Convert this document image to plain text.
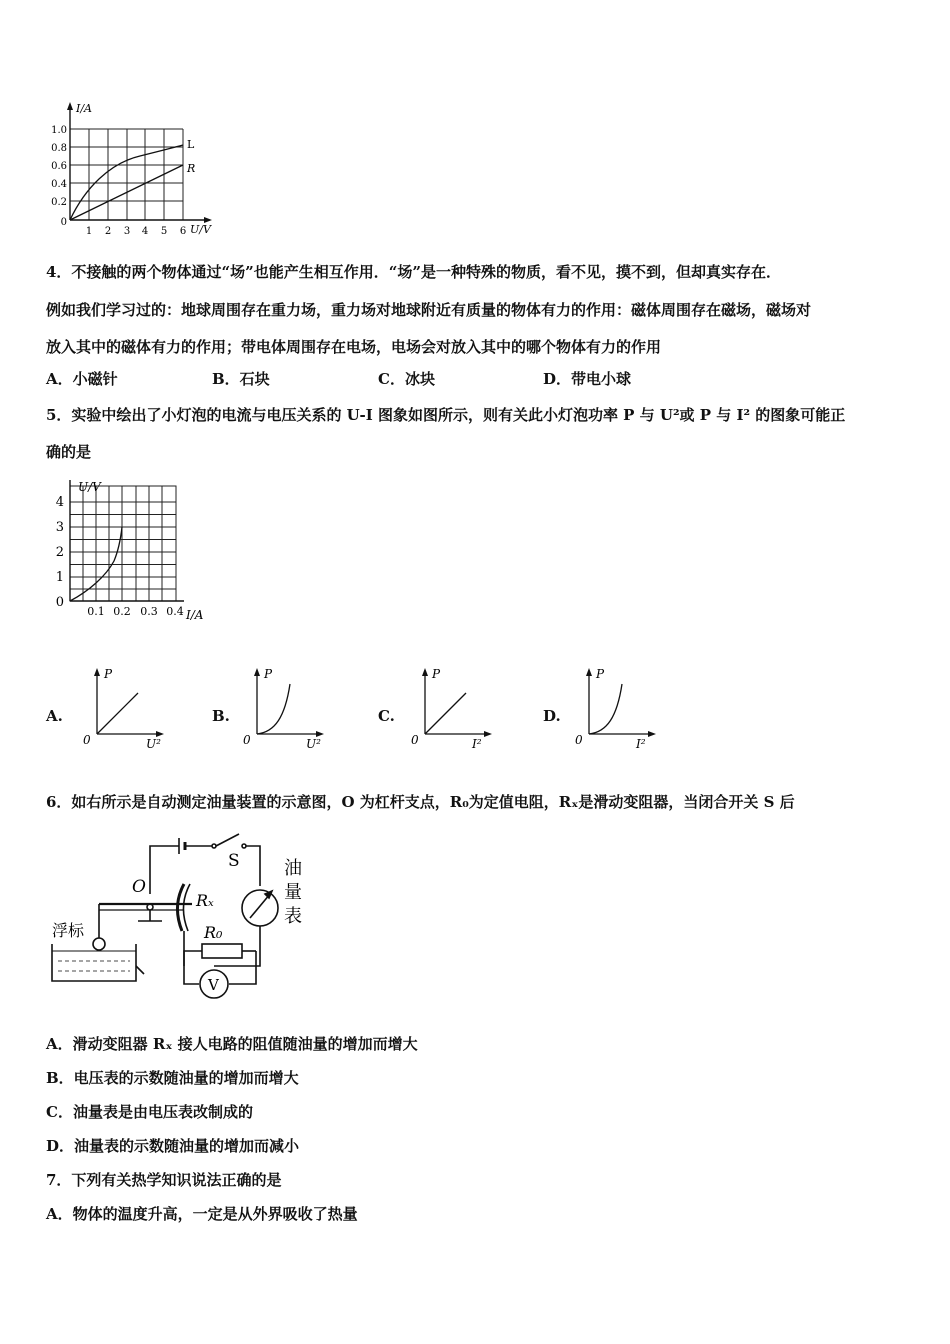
I/A
U/V
L
R
1.0
0.8
0.6
0.4
0.2
0
1 2 3 4 5 6
4．不接触的两个物体通过“场”也能产生相互作用．“场”是一种特殊的物质，看不见，摸不到，但却真实存在．
例如我们学习过的：地球周围存在重力场，重力场对地球附近有质量的物体有力的作用：磁体周围存在磁场，磁场对
放入其中的磁体有力的作用；带电体周围存在电场，电场会对放入其中的哪个物体有力的作用
A．小磁针	B．石块	C．冰块	D．带电小球
5．实验中绘出了小灯泡的电流与电压关系的 U-I 图象如图所示，则有关此小灯泡功率 P 与 U²或 P 与 I² 的图象可能正
确的是
U/V
I/A
4
3
2
1
0
0.1 0.2 0.3 0.4
A.
P
0	U²
B.
P
0	U²
C.
P
0	I²
D.
P
0	I²
6．如右所示是自动测定油量装置的示意图，O 为杠杆支点，R₀为定值电阻，Rₓ是滑动变阻器，当闭合开关 S 后
浮标
O
S
Rₓ
R₀
V
油
量
表
A．滑动变阻器 Rₓ 接人电路的阻值随油量的增加而增大
B．电压表的示数随油量的增加而增大
C．油量表是由电压表改制成的
D．油量表的示数随油量的增加而减小
7．下列有关热学知识说法正确的是
A．物体的温度升高，一定是从外界吸收了热量
